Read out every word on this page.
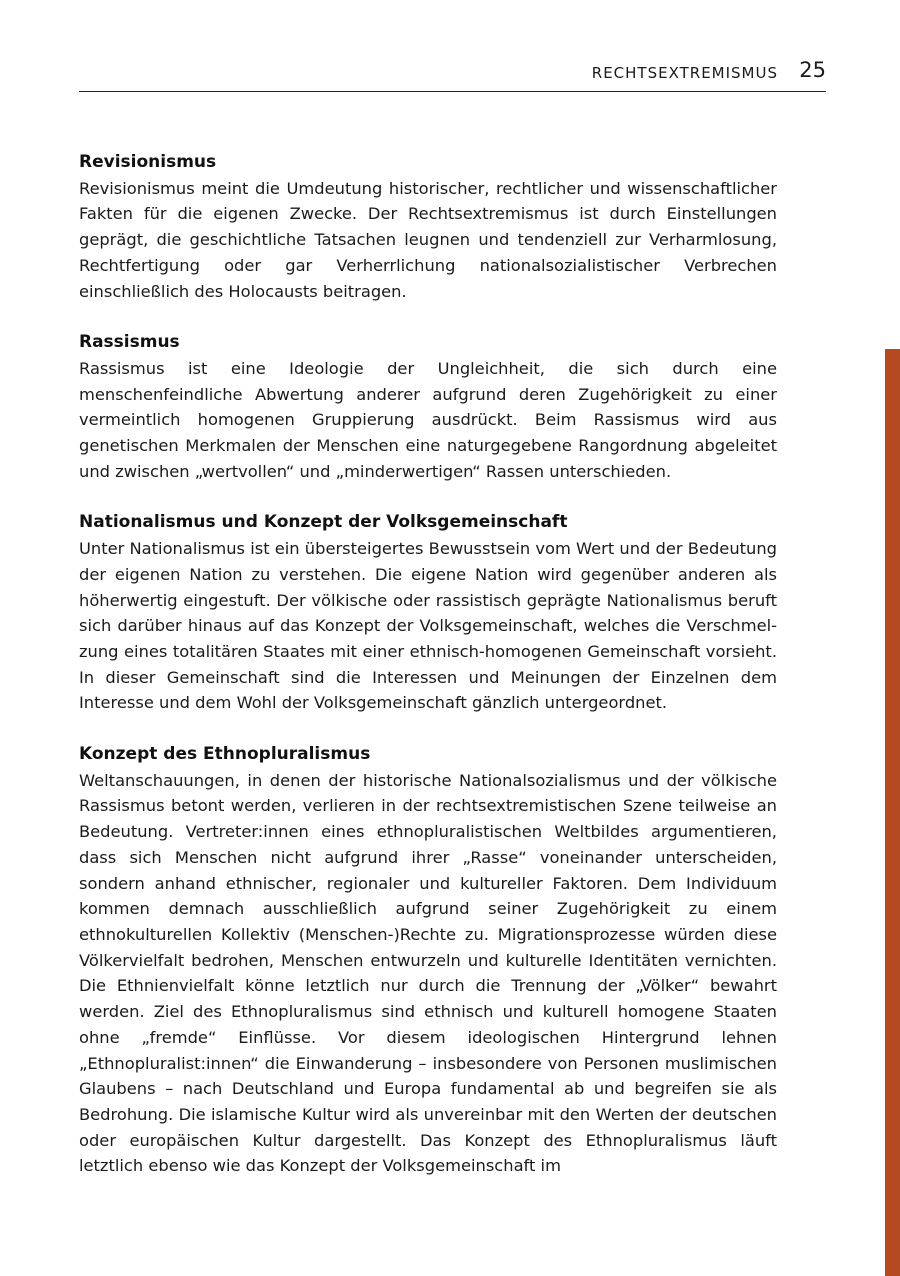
RECHTSEXTREMISMUS 25
Revisionismus

Revisionismus meint die Umdeutung historischer, rechtlicher und wissenschaftlicher Fakten für die eigenen Zwecke. Der Rechtsextremismus ist durch Einstellungen geprägt, die geschichtliche Tatsachen leugnen und tendenziell zur Verharmlosung, Rechtfertigung oder gar Verherrlichung nationalsozialistischer Verbrechen einschließlich des Holocausts beitragen.

Rassismus

Rassismus ist eine Ideologie der Ungleichheit, die sich durch eine menschenfeindliche Abwertung anderer aufgrund deren Zugehörigkeit zu einer vermeintlich homogenen Gruppierung ausdrückt. Beim Rassismus wird aus genetischen Merkmalen der Menschen eine naturgegebene Rangordnung abgeleitet und zwischen „wertvollen“ und „minderwertigen“ Rassen unterschieden.

Nationalismus und Konzept der Volksgemeinschaft

Unter Nationalismus ist ein übersteigertes Bewusstsein vom Wert und der Bedeutung der eigenen Nation zu verstehen. Die eigene Nation wird gegenüber anderen als höherwertig eingestuft. Der völkische oder rassistisch geprägte Nationalismus beruft sich darüber hinaus auf das Konzept der Volksgemeinschaft, welches die Verschmelzung eines totalitären Staates mit einer ethnisch-homogenen Gemeinschaft vorsieht. In dieser Gemeinschaft sind die Interessen und Meinungen der Einzelnen dem Interesse und dem Wohl der Volksgemeinschaft gänzlich untergeordnet.

Konzept des Ethnopluralismus

Weltanschauungen, in denen der historische Nationalsozialismus und der völkische Rassismus betont werden, verlieren in der rechtsextremistischen Szene teilweise an Bedeutung. Vertreter:innen eines ethnopluralistischen Weltbildes argumentieren, dass sich Menschen nicht aufgrund ihrer „Rasse“ voneinander unterscheiden, sondern anhand ethnischer, regionaler und kultureller Faktoren. Dem Individuum kommen demnach ausschließlich aufgrund seiner Zugehörigkeit zu einem ethnokulturellen Kollektiv (Menschen-)Rechte zu. Migrationsprozesse würden diese Völkervielfalt bedrohen, Menschen entwurzeln und kulturelle Identitäten vernichten. Die Ethnienvielfalt könne letztlich nur durch die Trennung der „Völker“ bewahrt werden. Ziel des Ethnopluralismus sind ethnisch und kulturell homogene Staaten ohne „fremde“ Einflüsse. Vor diesem ideologischen Hintergrund lehnen „Ethnopluralist:innen“ die Einwanderung – insbesondere von Personen muslimischen Glaubens – nach Deutschland und Europa fundamental ab und begreifen sie als Bedrohung. Die islamische Kultur wird als unvereinbar mit den Werten der deutschen oder europäischen Kultur dargestellt. Das Konzept des Ethnopluralismus läuft letztlich ebenso wie das Konzept der Volksgemeinschaft im
